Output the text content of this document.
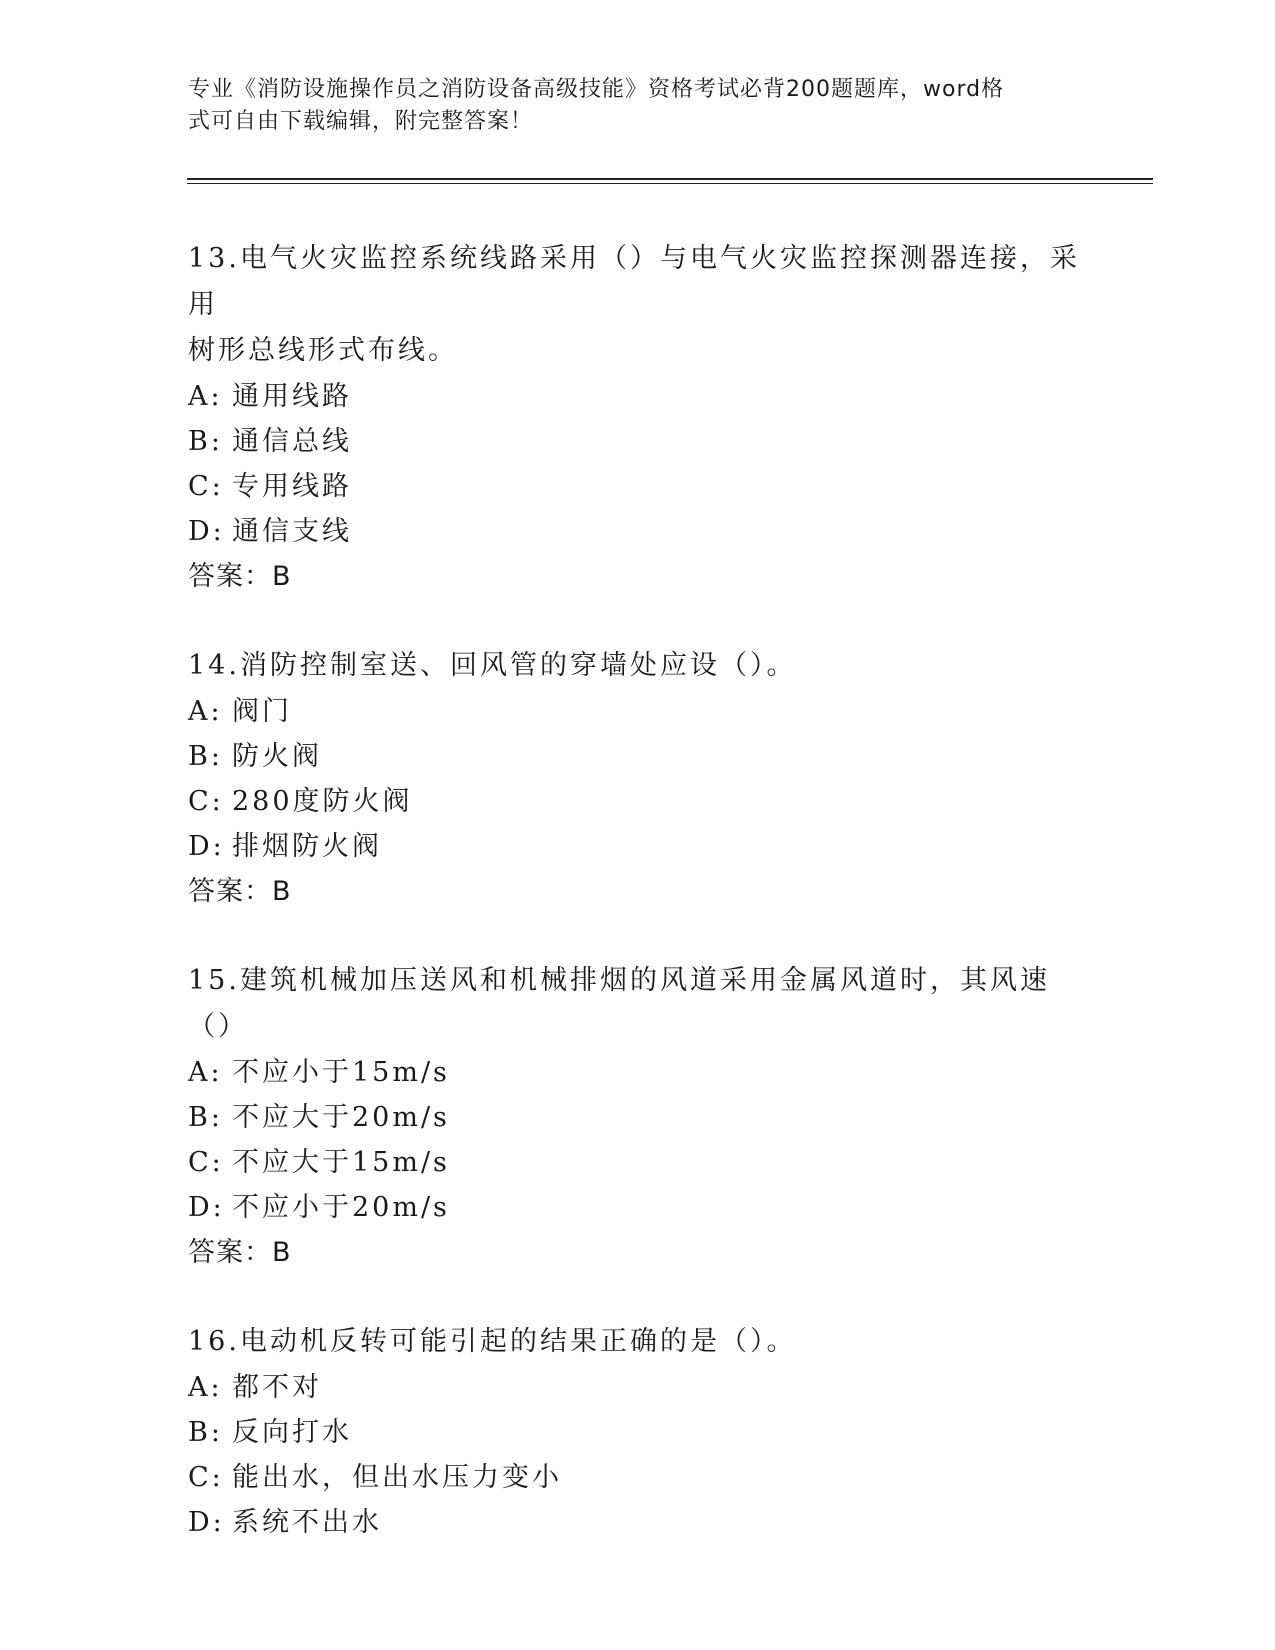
专业《消防设施操作员之消防设备高级技能》资格考试必背200题题库，word格
式可自由下载编辑，附完整答案！
13 . 电气火灾监控系统线路采用（）与电气火灾监控探测器连接，采用
树形总线形式布线。
A: 通用线路
B: 通信总线
C: 专用线路
D: 通信支线
答案：B
14 . 消防控制室送、回风管的穿墙处应设（）。
A: 阀门
B: 防火阀
C: 280度防火阀
D: 排烟防火阀
答案：B
15 . 建筑机械加压送风和机械排烟的风道采用金属风道时，其风速（）
A: 不应小于15m/s
B: 不应大于20m/s
C: 不应大于15m/s
D: 不应小于20m/s
答案：B
16 . 电动机反转可能引起的结果正确的是（）。
A: 都不对
B: 反向打水
C: 能出水，但出水压力变小
D: 系统不出水
